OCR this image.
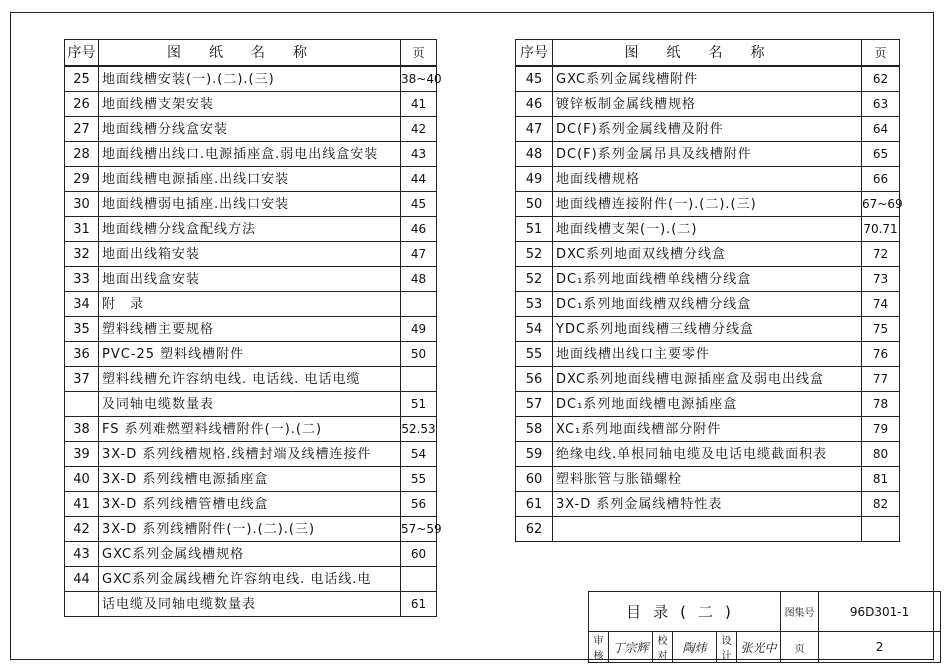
序号	图纸名称	页
25	地面线槽安装(一).(二).(三)	38~40
26	地面线槽支架安装	41
27	地面线槽分线盒安装	42
28	地面线槽出线口.电源插座盒.弱电出线盒安装	43
29	地面线槽电源插座.出线口安装	44
30	地面线槽弱电插座.出线口安装	45
31	地面线槽分线盒配线方法	46
32	地面出线箱安装	47
33	地面出线盒安装	48
34	附　录	
35	塑料线槽主要规格	49
36	PVC-25 塑料线槽附件	50
37	塑料线槽允许容纳电线. 电话线. 电话电缆	
	及同轴电缆数量表	51
38	FS 系列难燃塑料线槽附件(一).(二)	52.53
39	3X-D 系列线槽规格.线槽封端及线槽连接件	54
40	3X-D 系列线槽电源插座盒	55
41	3X-D 系列线槽管槽电线盒	56
42	3X-D 系列线槽附件(一).(二).(三)	57~59
43	GXC系列金属线槽规格	60
44	GXC系列金属线槽允许容纳电线. 电话线.电	
	话电缆及同轴电缆数量表	61
序号	图纸名称	页
45	GXC系列金属线槽附件	62
46	镀锌板制金属线槽规格	63
47	DC(F)系列金属线槽及附件	64
48	DC(F)系列金属吊具及线槽附件	65
49	地面线槽规格	66
50	地面线槽连接附件(一).(二).(三)	67~69
51	地面线槽支架(一).(二)	70.71
52	DXC系列地面双线槽分线盒	72
52	DC₁系列地面线槽单线槽分线盒	73
53	DC₁系列地面线槽双线槽分线盒	74
54	YDC系列地面线槽三线槽分线盒	75
55	地面线槽出线口主要零件	76
56	DXC系列地面线槽电源插座盒及弱电出线盒	77
57	DC₁系列地面线槽电源插座盒	78
58	XC₁系列地面线槽部分附件	79
59	绝缘电线.单根同轴电缆及电话电缆截面积表	80
60	塑料胀管与胀锚螺栓	81
61	3X-D 系列金属线槽特性表	82
62		
目录(二)						图集号	96D301-1
审核	丁宗辉	校对	陶炜	设计	张光中	页	2
